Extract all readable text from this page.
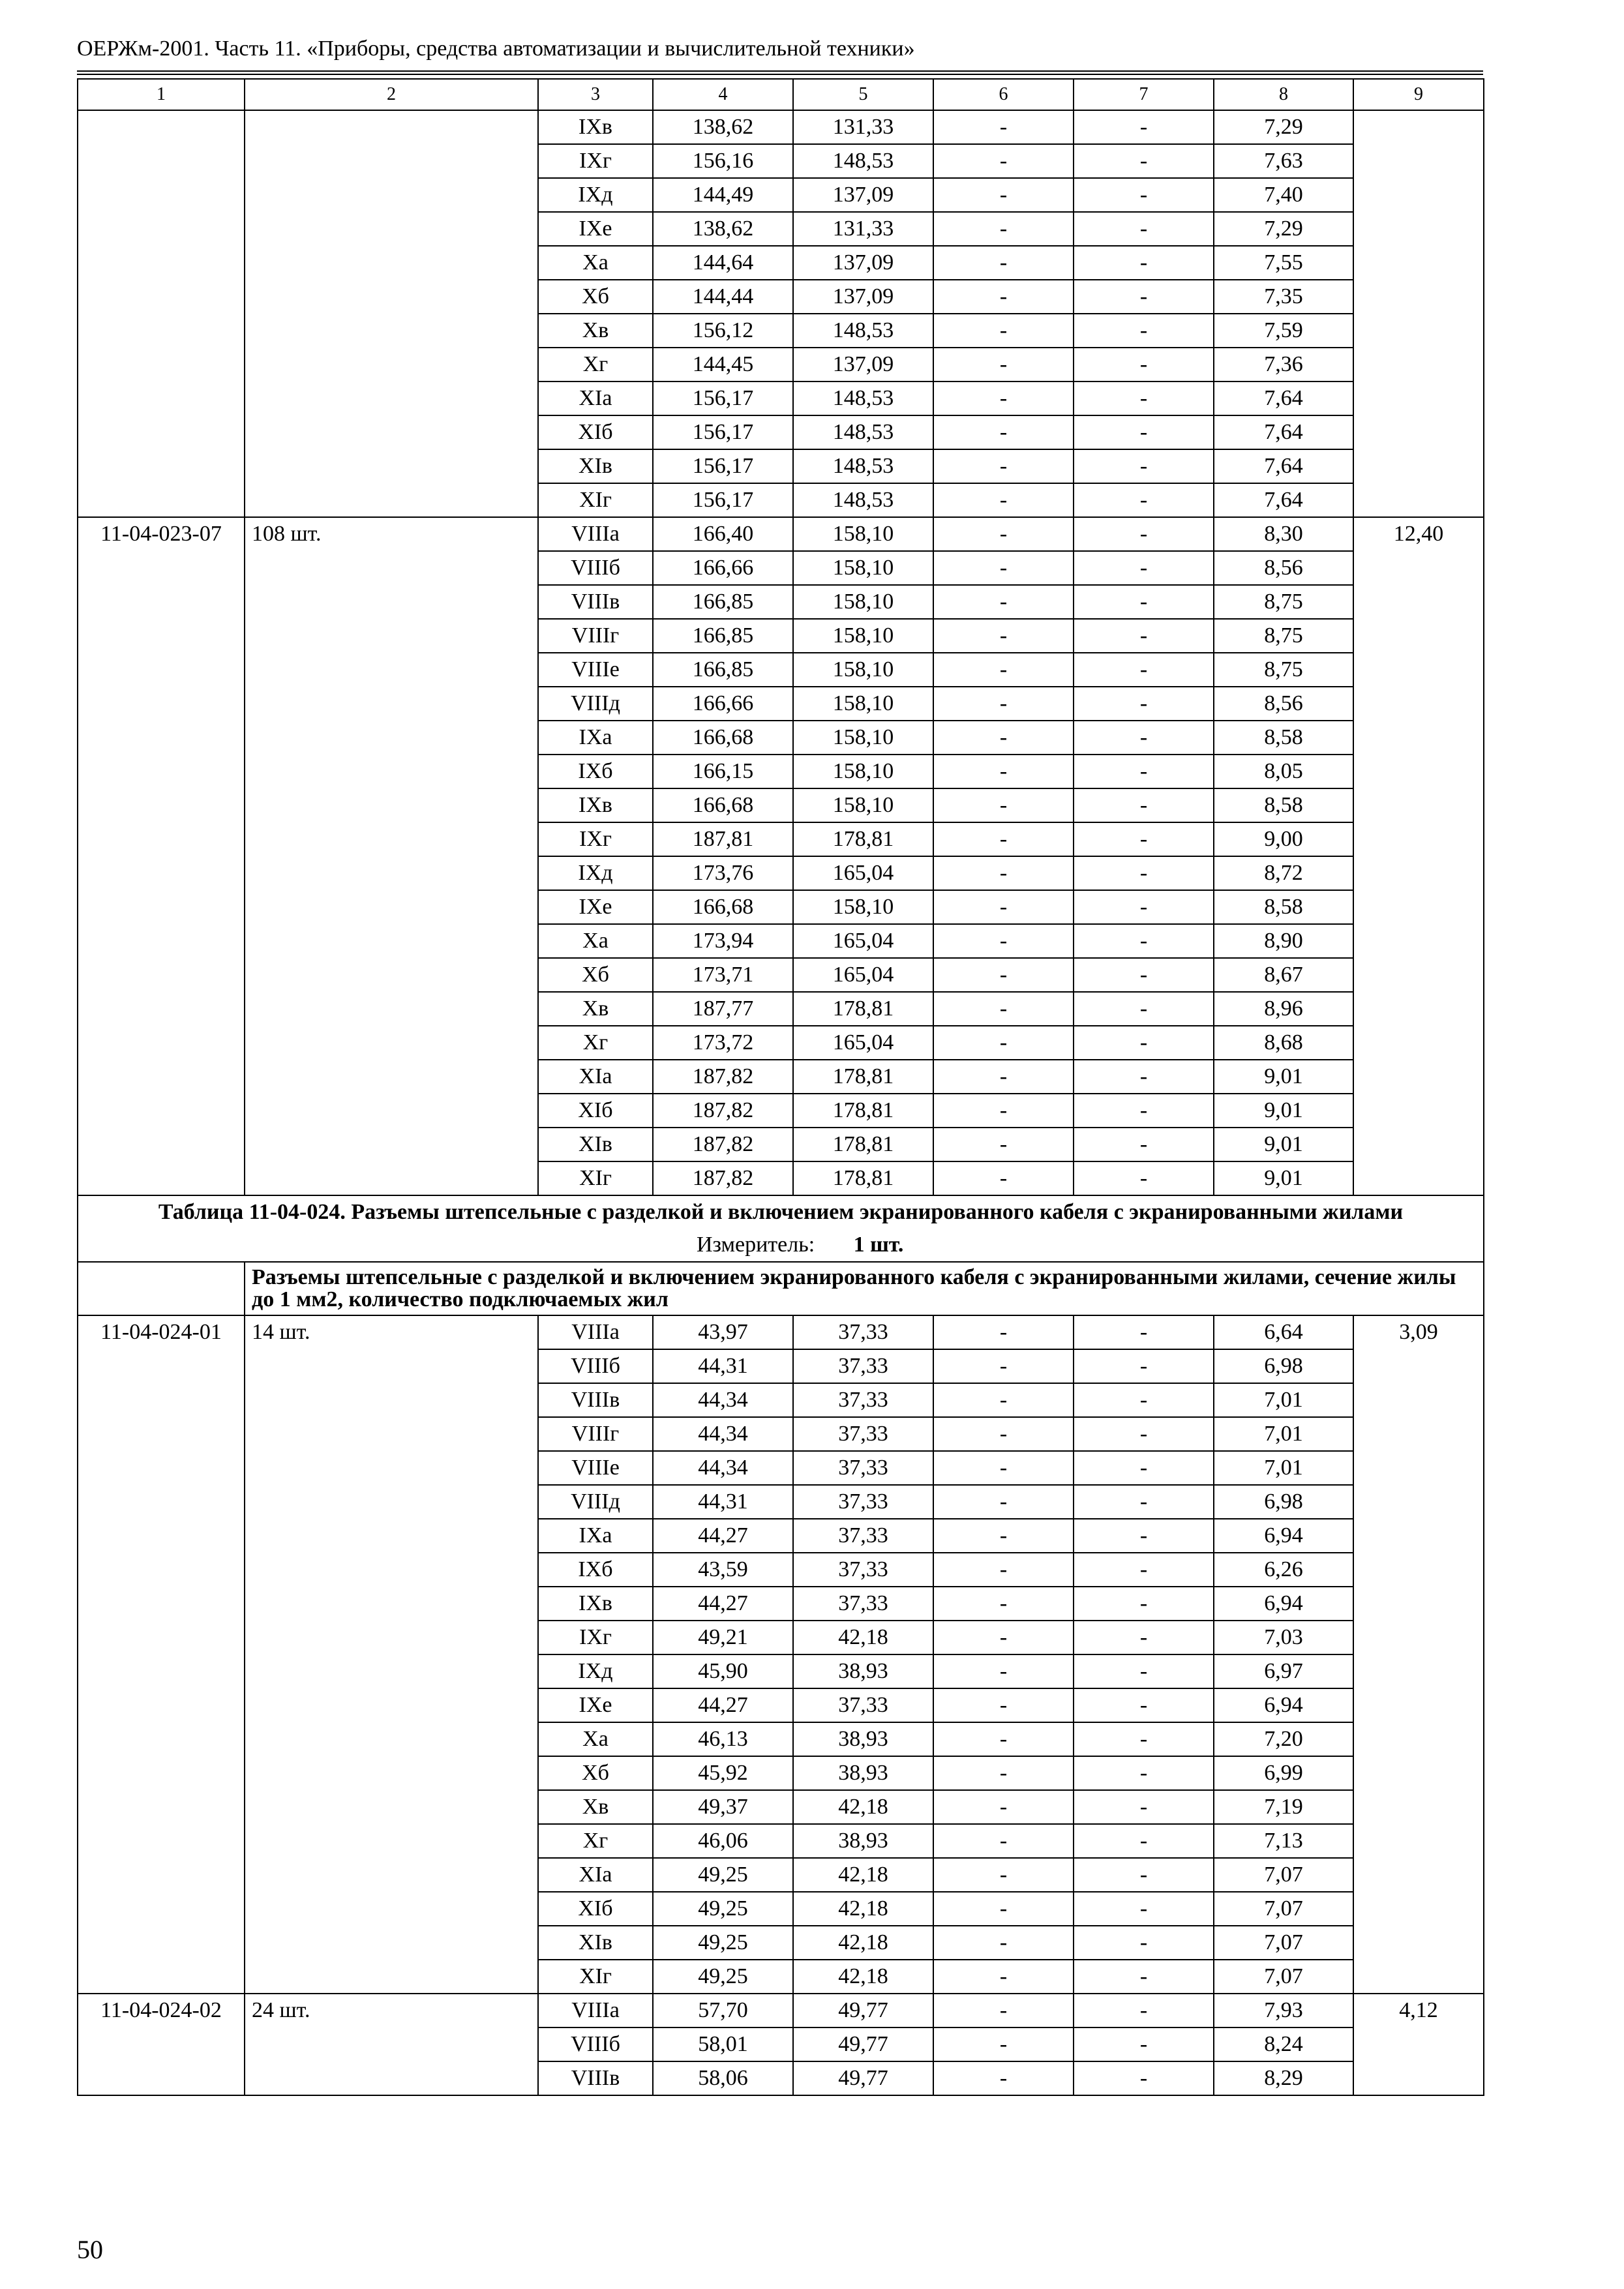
ОЕРЖм-2001. Часть 11. «Приборы, средства автоматизации и вычислительной техники»
1	2	3	4	5	6	7	8	9
		IXв	138,62	131,33	-	-	7,29	
		IXг	156,16	148,53	-	-	7,63	
		IXд	144,49	137,09	-	-	7,40	
		IXе	138,62	131,33	-	-	7,29	
		Xа	144,64	137,09	-	-	7,55	
		Xб	144,44	137,09	-	-	7,35	
		Xв	156,12	148,53	-	-	7,59	
		Xг	144,45	137,09	-	-	7,36	
		XIа	156,17	148,53	-	-	7,64	
		XIб	156,17	148,53	-	-	7,64	
		XIв	156,17	148,53	-	-	7,64	
		XIг	156,17	148,53	-	-	7,64	
11-04-023-07	108 шт.	VIIIа	166,40	158,10	-	-	8,30	12,40
		VIIIб	166,66	158,10	-	-	8,56	
		VIIIв	166,85	158,10	-	-	8,75	
		VIIIг	166,85	158,10	-	-	8,75	
		VIIIе	166,85	158,10	-	-	8,75	
		VIIIд	166,66	158,10	-	-	8,56	
		IXа	166,68	158,10	-	-	8,58	
		IXб	166,15	158,10	-	-	8,05	
		IXв	166,68	158,10	-	-	8,58	
		IXг	187,81	178,81	-	-	9,00	
		IXд	173,76	165,04	-	-	8,72	
		IXе	166,68	158,10	-	-	8,58	
		Xа	173,94	165,04	-	-	8,90	
		Xб	173,71	165,04	-	-	8,67	
		Xв	187,77	178,81	-	-	8,96	
		Xг	173,72	165,04	-	-	8,68	
		XIа	187,82	178,81	-	-	9,01	
		XIб	187,82	178,81	-	-	9,01	
		XIв	187,82	178,81	-	-	9,01	
		XIг	187,82	178,81	-	-	9,01	
Таблица 11-04-024. Разъемы штепсельные с разделкой и включением экранированного кабеля с экранированными жилами								
Измеритель: 1 шт.								
	Разъемы штепсельные с разделкой и включением экранированного кабеля с экранированными жилами, сечение жилы до 1 мм2, количество подключаемых жил							
11-04-024-01	14 шт.	VIIIа	43,97	37,33	-	-	6,64	3,09
		VIIIб	44,31	37,33	-	-	6,98	
		VIIIв	44,34	37,33	-	-	7,01	
		VIIIг	44,34	37,33	-	-	7,01	
		VIIIе	44,34	37,33	-	-	7,01	
		VIIIд	44,31	37,33	-	-	6,98	
		IXа	44,27	37,33	-	-	6,94	
		IXб	43,59	37,33	-	-	6,26	
		IXв	44,27	37,33	-	-	6,94	
		IXг	49,21	42,18	-	-	7,03	
		IXд	45,90	38,93	-	-	6,97	
		IXе	44,27	37,33	-	-	6,94	
		Xа	46,13	38,93	-	-	7,20	
		Xб	45,92	38,93	-	-	6,99	
		Xв	49,37	42,18	-	-	7,19	
		Xг	46,06	38,93	-	-	7,13	
		XIа	49,25	42,18	-	-	7,07	
		XIб	49,25	42,18	-	-	7,07	
		XIв	49,25	42,18	-	-	7,07	
		XIг	49,25	42,18	-	-	7,07	
11-04-024-02	24 шт.	VIIIа	57,70	49,77	-	-	7,93	4,12
		VIIIб	58,01	49,77	-	-	8,24	
		VIIIв	58,06	49,77	-	-	8,29	
50
